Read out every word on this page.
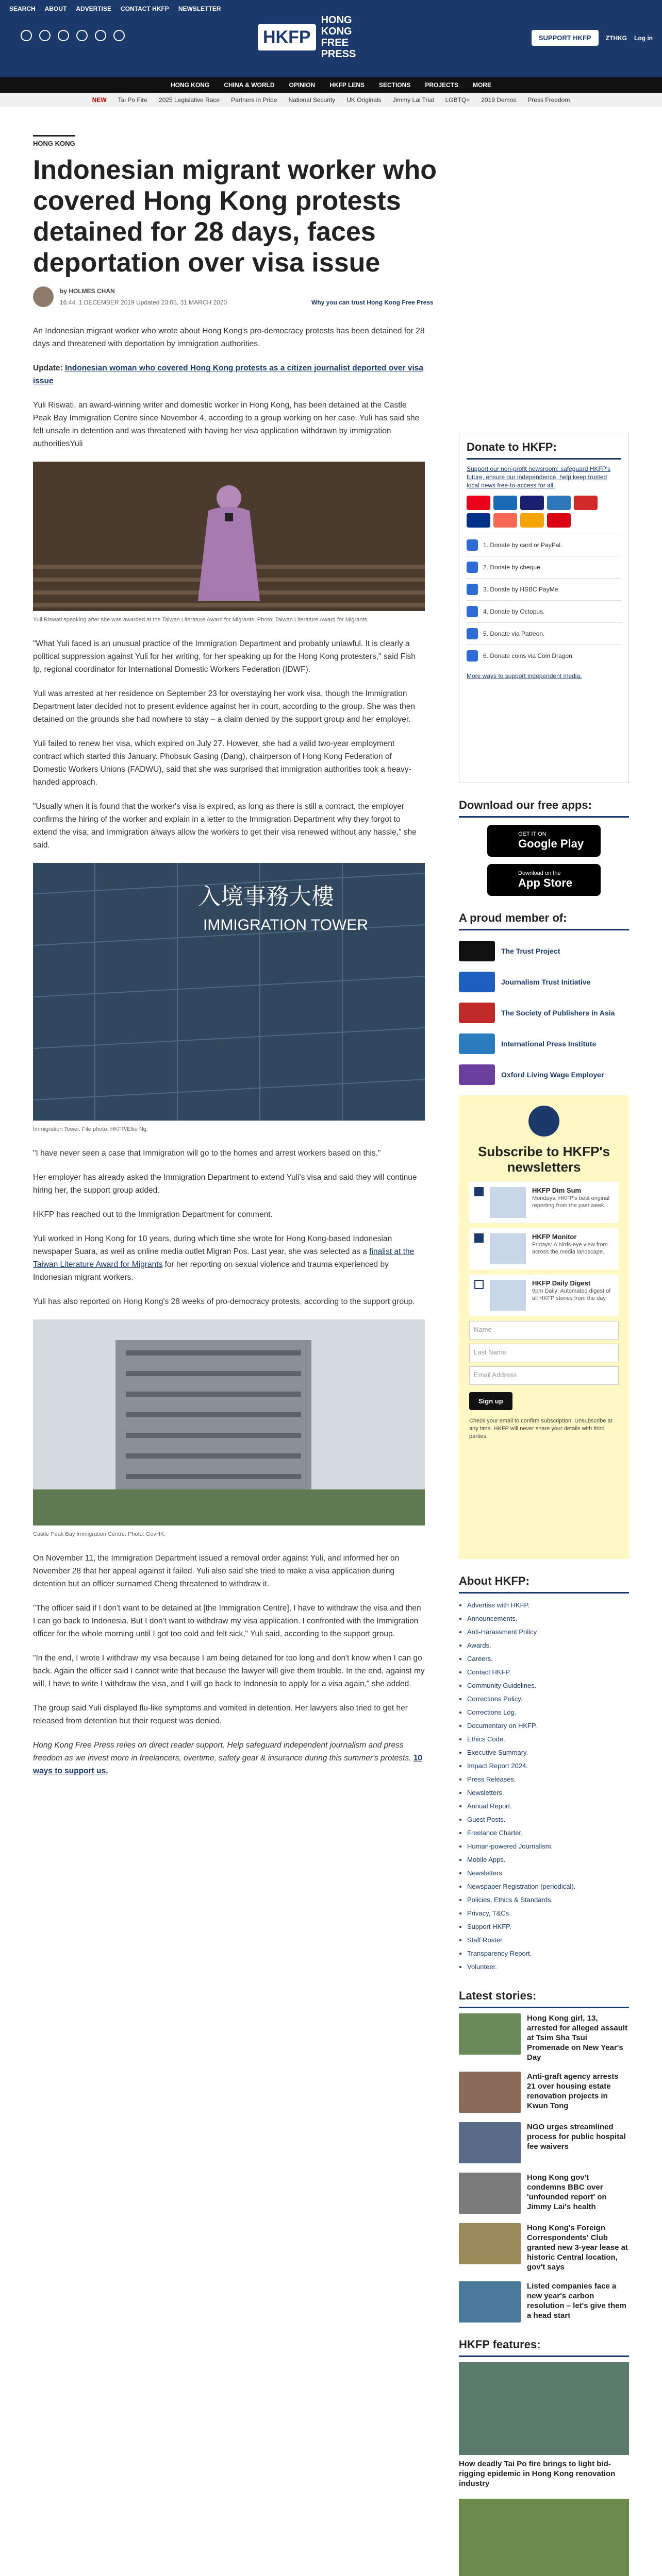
SEARCH ABOUT ADVERTISE CONTACT HKFP NEWSLETTER
HKFP
HONG KONG FREE PRESS
SUPPORT HKFP	ZTHKG Log in
HONG KONG CHINA & WORLD OPINION HKFP LENS SECTIONS PROJECTS MORE
NEW Tai Po Fire 2025 Legislative Race Partners in Pride National Security UK Originals Jimmy Lai Trial LGBTQ+ 2019 Demos Press Freedom
HONG KONG
Indonesian migrant worker who covered Hong Kong protests detained for 28 days, faces deportation over visa issue
by HOLMES CHAN
16:44, 1 DECEMBER 2019 Updated 23:05, 31 MARCH 2020	Why you can trust Hong Kong Free Press

An Indonesian migrant worker who wrote about Hong Kong's pro-democracy protests has been detained for 28 days and threatened with deportation by immigration authorities.

Update: Indonesian woman who covered Hong Kong protests as a citizen journalist deported over visa issue

Yuli Riswati, an award-winning writer and domestic worker in Hong Kong, has been detained at the Castle Peak Bay Immigration Centre since November 4, according to a group working on her case. Yuli has said she felt unsafe in detention and was threatened with having her visa application withdrawn by immigration authoritiesYuli

Yuli Riswati speaking after she was awarded at the Taiwan Literature Award for Migrants. Photo: Taiwan Literature Award for Migrants.

"What Yuli faced is an unusual practice of the Immigration Department and probably unlawful. It is clearly a political suppression against Yuli for her writing, for her speaking up for the Hong Kong protesters," said Fish Ip, regional coordinator for International Domestic Workers Federation (IDWF).

Yuli was arrested at her residence on September 23 for overstaying her work visa, though the Immigration Department later decided not to present evidence against her in court, according to the group. She was then detained on the grounds she had nowhere to stay – a claim denied by the support group and her employer.

Yuli failed to renew her visa, which expired on July 27. However, she had a valid two-year employment contract which started this January. Phobsuk Gasing (Dang), chairperson of Hong Kong Federation of Domestic Workers Unions (FADWU), said that she was surprised that immigration authorities took a heavy-handed approach.

"Usually when it is found that the worker's visa is expired, as long as there is still a contract, the employer confirms the hiring of the worker and explain in a letter to the Immigration Department why they forgot to extend the visa, and Immigration always allow the workers to get their visa renewed without any hassle," she said.

入境事務大樓
IMMIGRATION TOWER
Immigration Tower. File photo: HKFP/Ellie Ng.

"I have never seen a case that Immigration will go to the homes and arrest workers based on this."

Her employer has already asked the Immigration Department to extend Yuli's visa and said they will continue hiring her, the support group added.

HKFP has reached out to the Immigration Department for comment.

Yuli worked in Hong Kong for 10 years, during which time she wrote for Hong Kong-based Indonesian newspaper Suara, as well as online media outlet Migran Pos. Last year, she was selected as a finalist at the Taiwan Literature Award for Migrants for her reporting on sexual violence and trauma experienced by Indonesian migrant workers.

Yuli has also reported on Hong Kong's 28 weeks of pro-democracy protests, according to the support group.

Castle Peak Bay Immigration Centre. Photo: GovHK.

On November 11, the Immigration Department issued a removal order against Yuli, and informed her on November 28 that her appeal against it failed. Yuli also said she tried to make a visa application during detention but an officer surnamed Cheng threatened to withdraw it.

"The officer said if I don't want to be detained at [the Immigration Centre], I have to withdraw the visa and then I can go back to Indonesia. But I don't want to withdraw my visa application. I confronted with the Immigration officer for the whole morning until I got too cold and felt sick," Yuli said, according to the support group.

"In the end, I wrote I withdraw my visa because I am being detained for too long and don't know when I can go back. Again the officer said I cannot write that because the lawyer will give them trouble. In the end, against my will, I have to write I withdraw the visa, and I will go back to Indonesia to apply for a visa again," she added.

The group said Yuli displayed flu-like symptoms and vomited in detention. Her lawyers also tried to get her released from detention but their request was denied.

Hong Kong Free Press relies on direct reader support. Help safeguard independent journalism and press freedom as we invest more in freelancers, overtime, safety gear & insurance during this summer's protests. 10 ways to support us.

Donate to HKFP:

Support our non-profit newsroom: safeguard HKFP's future, ensure our independence, help keep trusted local news free-to-access for all.

1. Donate by card or PayPal.
2. Donate by cheque.
3. Donate by HSBC PayMe.
4. Donate by Octopus.
5. Donate via Patreon.
6. Donate coins via Coin Dragon.

More ways to support independent media.

Download our free apps:
GET IT ON
Google Play
Download on the
App Store
A proud member of:
The Trust Project
Journalism Trust Initiative
The Society of Publishers in Asia
International Press Institute
Oxford Living Wage Employer
Subscribe to HKFP's newsletters
HKFP Dim Sum
Mondays: HKFP's best original reporting from the past week.
HKFP Monitor
Fridays: A birds-eye view from across the media landscape.
HKFP Daily Digest
9pm Daily: Automated digest of all HKFP stories from the day.
Name
Last Name
Email Address
Sign up

Check your email to confirm subscription. Unsubscribe at any time. HKFP will never share your details with third parties.

About HKFP:
• Advertise with HKFP.
• Announcements.
• Anti-Harassment Policy.
• Awards.
• Careers.
• Contact HKFP.
• Community Guidelines.
• Corrections Policy.
• Corrections Log.
• Documentary on HKFP.
• Ethics Code.
• Executive Summary.
• Impact Report 2024.
• Press Releases.
• Newsletters.
• Annual Report.
• Guest Posts.
• Freelance Charter.
• Human-powered Journalism.
• Mobile Apps.
• Newsletters.
• Newspaper Registration (periodical).
• Policies, Ethics & Standards.
• Privacy, T&Cs.
• Support HKFP.
• Staff Roster.
• Transparency Report.
• Volunteer.
Latest stories:
Hong Kong girl, 13, arrested for alleged assault at Tsim Sha Tsui Promenade on New Year's Day
Anti-graft agency arrests 21 over housing estate renovation projects in Kwun Tong
NGO urges streamlined process for public hospital fee waivers
Hong Kong gov't condemns BBC over 'unfounded report' on Jimmy Lai's health
Hong Kong's Foreign Correspondents' Club granted new 3-year lease at historic Central location, gov't says
Listed companies face a new year's carbon resolution – let's give them a head start
HKFP features:
How deadly Tai Po fire brings to light bid-rigging epidemic in Hong Kong renovation industry
